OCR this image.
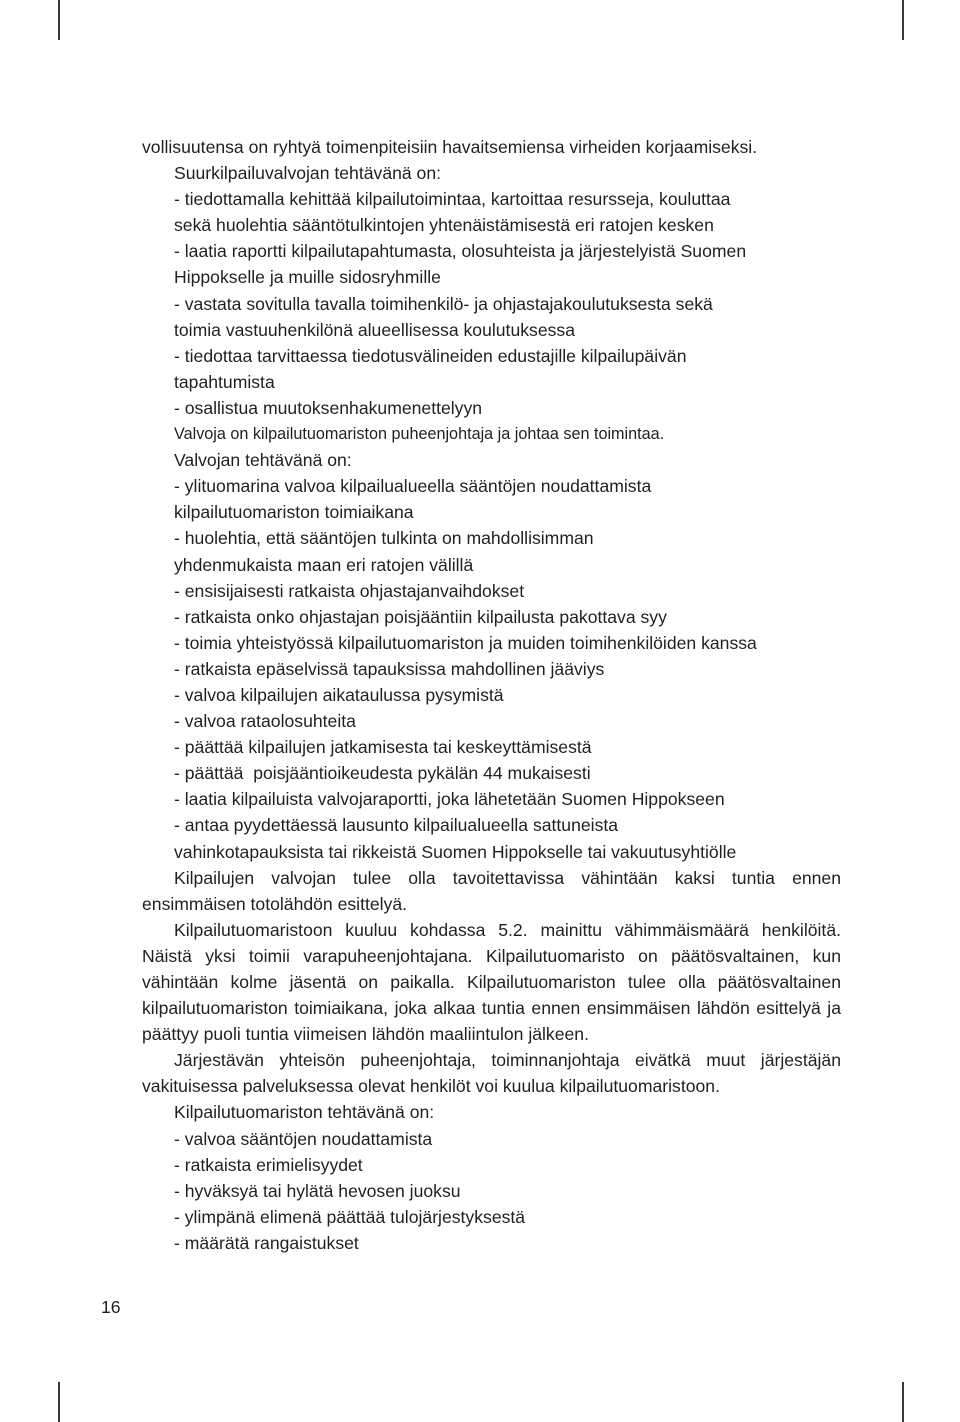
vollisuutensa on ryhtyä toimenpiteisiin havaitsemiensa virheiden korjaamiseksi.
Suurkilpailuvalvojan tehtävänä on:
- tiedottamalla kehittää kilpailutoimintaa, kartoittaa resursseja, kouluttaa
sekä huolehtia sääntötulkintojen yhtenäistämisestä eri ratojen kesken
- laatia raportti kilpailutapahtumasta, olosuhteista ja järjestelyistä Suomen
Hippokselle ja muille sidosryhmille
- vastata sovitulla tavalla toimihenkilö- ja ohjastajakoulutuksesta sekä
toimia vastuuhenkilönä alueellisessa koulutuksessa
- tiedottaa tarvittaessa tiedotusvälineiden edustajille kilpailupäivän
tapahtumista
- osallistua muutoksenhakumenettelyyn
Valvoja on kilpailutuomariston puheenjohtaja ja johtaa sen toimintaa.
Valvojan tehtävänä on:
- ylituomarina valvoa kilpailualueella sääntöjen noudattamista
kilpailutuomariston toimiaikana
- huolehtia, että sääntöjen tulkinta on mahdollisimman
yhdenmukaista maan eri ratojen välillä
- ensisijaisesti ratkaista ohjastajanvaihdokset
- ratkaista onko ohjastajan poisjääntiin kilpailusta pakottava syy
- toimia yhteistyössä kilpailutuomariston ja muiden toimihenkilöiden kanssa
- ratkaista epäselvissä tapauksissa mahdollinen jääviys
- valvoa kilpailujen aikataulussa pysymistä
- valvoa rataolosuhteita
- päättää kilpailujen jatkamisesta tai keskeyttämisestä
- päättää  poisjääntioikeudesta pykälän 44 mukaisesti
- laatia kilpailuista valvojaraportti, joka lähetetään Suomen Hippokseen
- antaa pyydettäessä lausunto kilpailualueella sattuneista
vahinkotapauksista tai rikkeistä Suomen Hippokselle tai vakuutusyhtiölle

Kilpailujen valvojan tulee olla tavoitettavissa vähintään kaksi tuntia ennen ensimmäisen totolähdön esittelyä.

Kilpailutuomaristoon kuuluu kohdassa 5.2. mainittu vähimmäismäärä henkilöitä. Näistä yksi toimii varapuheenjohtajana. Kilpailutuomaristo on päätösvaltainen, kun vähintään kolme jäsentä on paikalla. Kilpailutuomariston tulee olla päätösvaltainen kilpailutuomariston toimiaikana, joka alkaa tuntia ennen ensimmäisen lähdön esittelyä ja päättyy puoli tuntia viimeisen lähdön maaliintulon jälkeen.

Järjestävän yhteisön puheenjohtaja, toiminnanjohtaja eivätkä muut järjestäjän vakituisessa palveluksessa olevat henkilöt voi kuulua kilpailutuomaristoon.

Kilpailutuomariston tehtävänä on:
- valvoa sääntöjen noudattamista
- ratkaista erimielisyydet
- hyväksyä tai hylätä hevosen juoksu
- ylimpänä elimenä päättää tulojärjestyksestä
- määrätä rangaistukset
16
